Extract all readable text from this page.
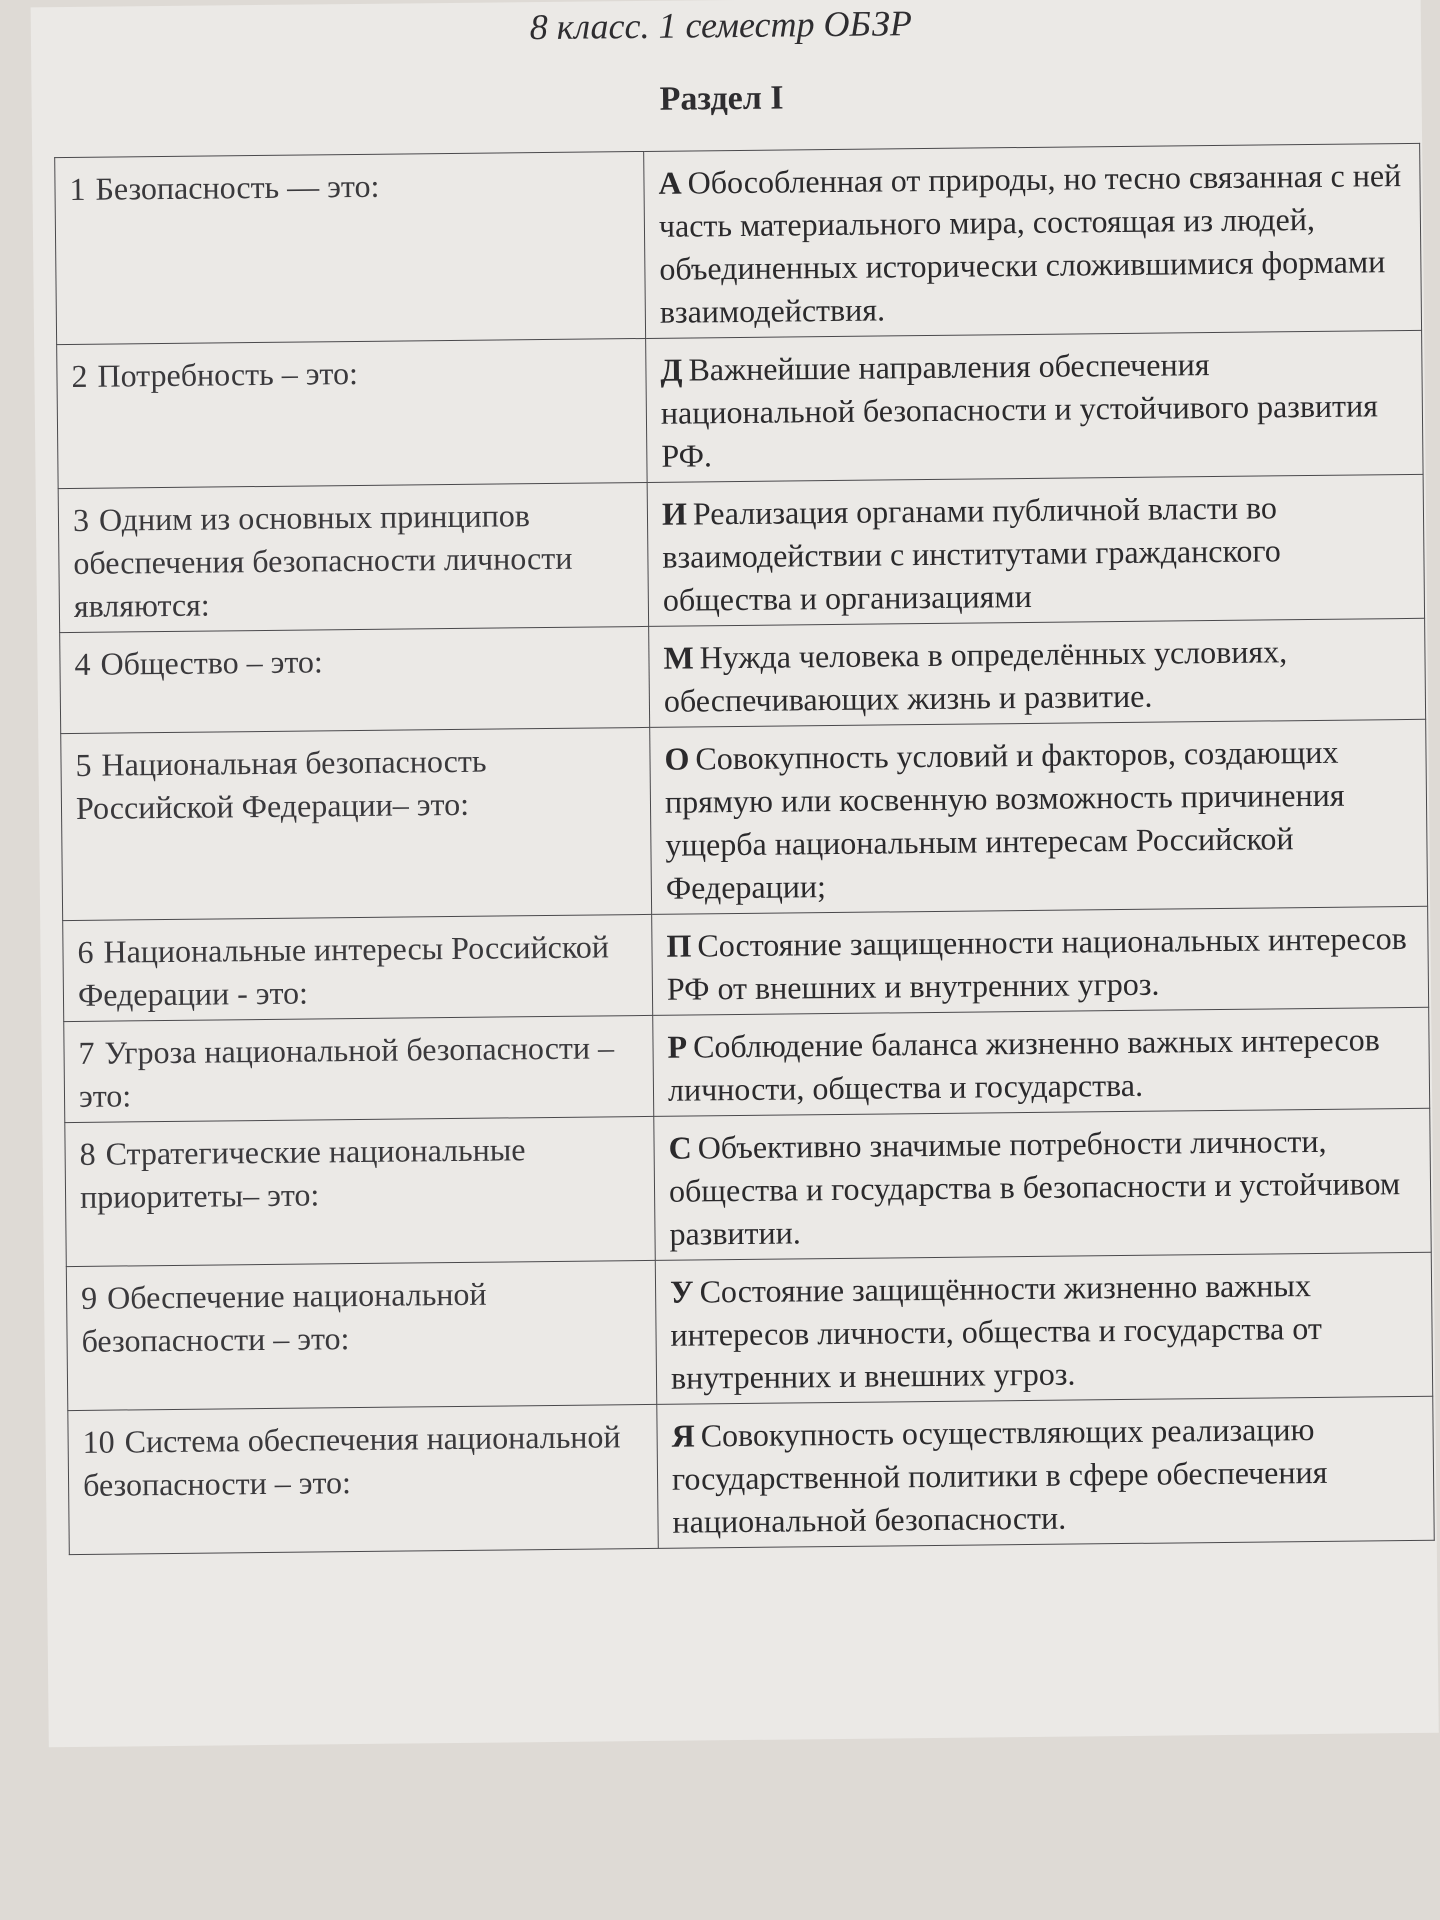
8 класс. 1 семестр ОБЗР
Раздел I
1 Безопасность — это:	А Обособленная от природы, но тесно связанная с ней часть материального мира, состоящая из людей, объединенных исторически сложившимися формами взаимодействия.
2 Потребность – это:	Д Важнейшие направления обеспечения национальной безопасности и устойчивого развития РФ.
3 Одним из основных принципов обеспечения безопасности личности являются:	И Реализация органами публичной власти во взаимодействии с институтами гражданского общества и организациями
4 Общество – это:	М Нужда человека в определённых условиях, обеспечивающих жизнь и развитие.
5 Национальная безопасность Российской Федерации– это:	О Совокупность условий и факторов, создающих прямую или косвенную возможность причинения ущерба национальным интересам Российской Федерации;
6 Национальные интересы Российской Федерации - это:	П Состояние защищенности национальных интересов РФ от внешних и внутренних угроз.
7 Угроза национальной безопасности – это:	Р Соблюдение баланса жизненно важных интересов личности, общества и государства.
8 Стратегические национальные приоритеты– это:	С Объективно значимые потребности личности, общества и государства в безопасности и устойчивом развитии.
9 Обеспечение национальной безопасности – это:	У Состояние защищённости жизненно важных интересов личности, общества и государства от внутренних и внешних угроз.
10 Система обеспечения национальной безопасности – это:	Я Совокупность осуществляющих реализацию государственной политики в сфере обеспечения национальной безопасности.
